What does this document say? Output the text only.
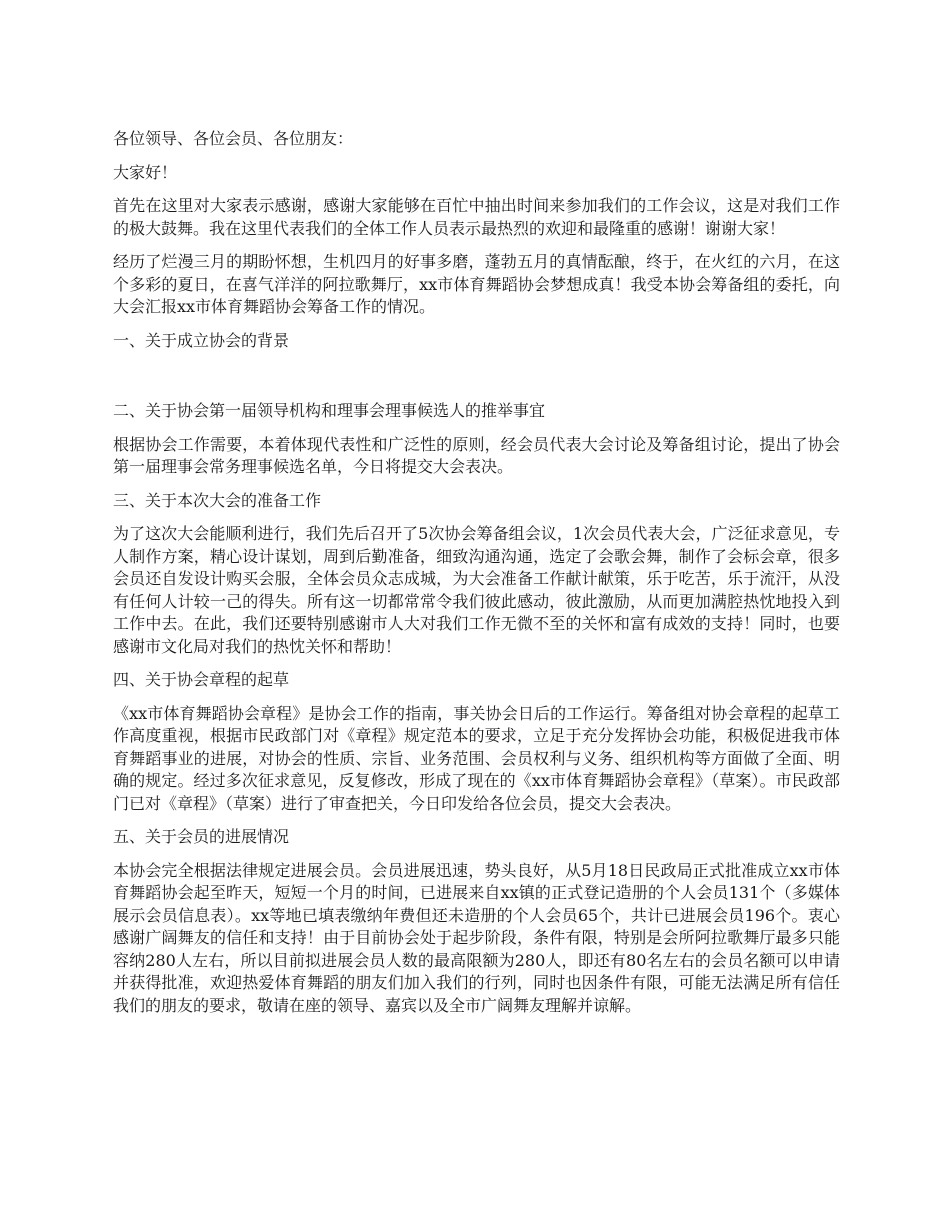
各位领导、各位会员、各位朋友：

大家好！

首先在这里对大家表示感谢，感谢大家能够在百忙中抽出时间来参加我们的工作会议，这是对我们工作的极大鼓舞。我在这里代表我们的全体工作人员表示最热烈的欢迎和最隆重的感谢！谢谢大家！

经历了烂漫三月的期盼怀想，生机四月的好事多磨，蓬勃五月的真情酝酿，终于，在火红的六月，在这个多彩的夏日，在喜气洋洋的阿拉歌舞厅，xx市体育舞蹈协会梦想成真！我受本协会筹备组的委托，向大会汇报xx市体育舞蹈协会筹备工作的情况。

一、关于成立协会的背景

二、关于协会第一届领导机构和理事会理事候选人的推举事宜

根据协会工作需要，本着体现代表性和广泛性的原则，经会员代表大会讨论及筹备组讨论，提出了协会第一届理事会常务理事候选名单，今日将提交大会表决。

三、关于本次大会的准备工作

为了这次大会能顺利进行，我们先后召开了5次协会筹备组会议，1次会员代表大会，广泛征求意见，专人制作方案，精心设计谋划，周到后勤准备，细致沟通沟通，选定了会歌会舞，制作了会标会章，很多会员还自发设计购买会服，全体会员众志成城，为大会准备工作献计献策，乐于吃苦，乐于流汗，从没有任何人计较一己的得失。所有这一切都常常令我们彼此感动，彼此激励，从而更加满腔热忱地投入到工作中去。在此，我们还要特别感谢市人大对我们工作无微不至的关怀和富有成效的支持！同时，也要感谢市文化局对我们的热忱关怀和帮助！

四、关于协会章程的起草

《xx市体育舞蹈协会章程》是协会工作的指南，事关协会日后的工作运行。筹备组对协会章程的起草工作高度重视，根据市民政部门对《章程》规定范本的要求，立足于充分发挥协会功能，积极促进我市体育舞蹈事业的进展，对协会的性质、宗旨、业务范围、会员权利与义务、组织机构等方面做了全面、明确的规定。经过多次征求意见，反复修改，形成了现在的《xx市体育舞蹈协会章程》（草案）。市民政部门已对《章程》（草案）进行了审查把关，今日印发给各位会员，提交大会表决。

五、关于会员的进展情况

本协会完全根据法律规定进展会员。会员进展迅速，势头良好，从5月18日民政局正式批准成立xx市体育舞蹈协会起至昨天，短短一个月的时间，已进展来自xx镇的正式登记造册的个人会员131个（多媒体展示会员信息表）。xx等地已填表缴纳年费但还未造册的个人会员65个，共计已进展会员196个。衷心感谢广阔舞友的信任和支持！由于目前协会处于起步阶段，条件有限，特别是会所阿拉歌舞厅最多只能容纳280人左右，所以目前拟进展会员人数的最高限额为280人，即还有80名左右的会员名额可以申请并获得批准，欢迎热爱体育舞蹈的朋友们加入我们的行列，同时也因条件有限，可能无法满足所有信任我们的朋友的要求，敬请在座的领导、嘉宾以及全市广阔舞友理解并谅解。
